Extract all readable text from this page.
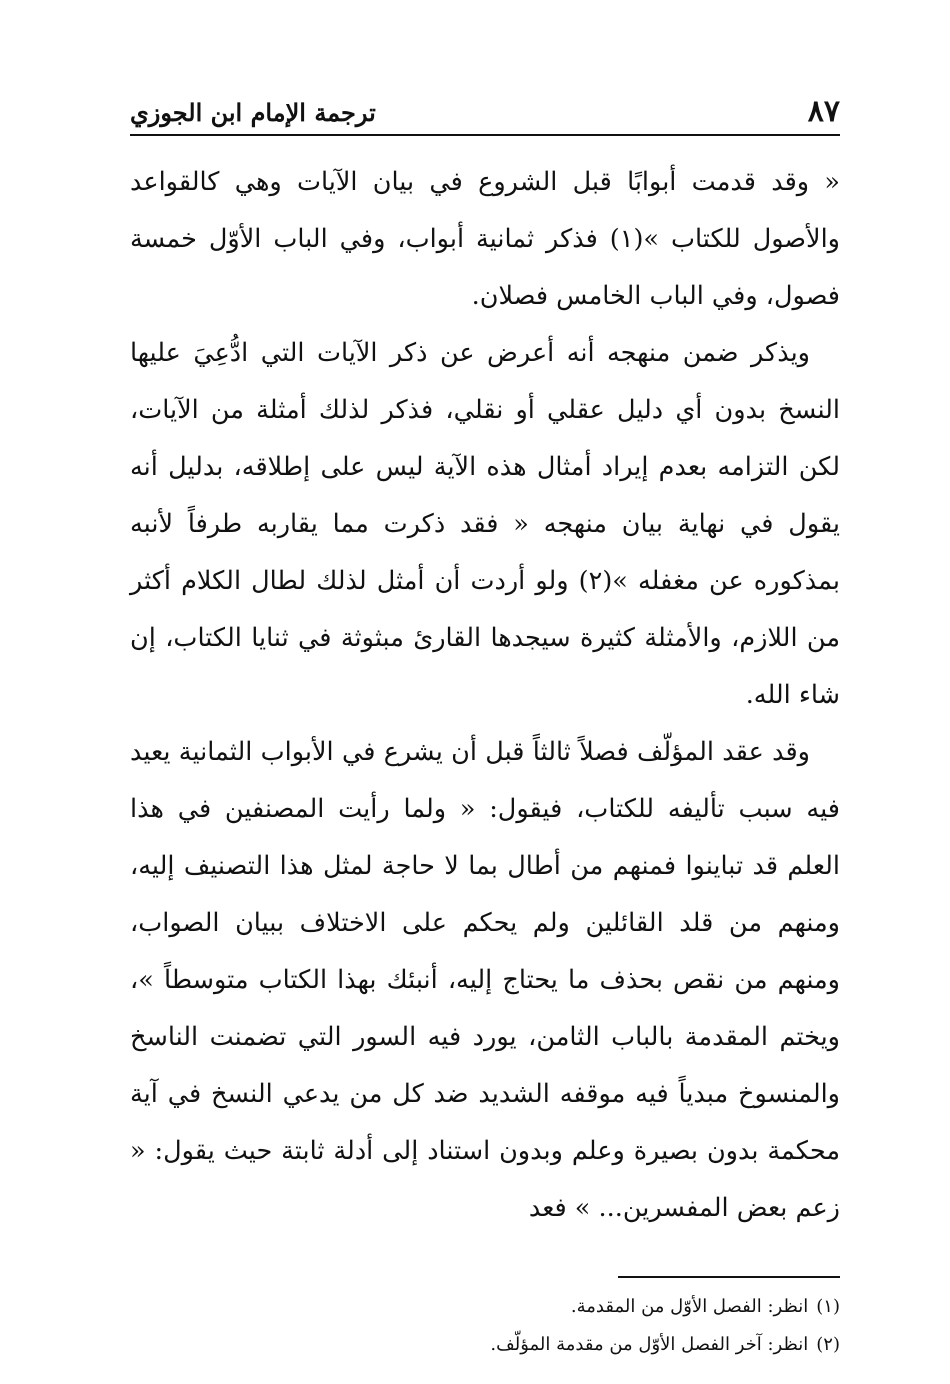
٨٧
ترجمة الإمام ابن الجوزي

« وقد قدمت أبوابًا قبل الشروع في بيان الآيات وهي كالقواعد والأصول للكتاب »(١) فذكر ثمانية أبواب، وفي الباب الأوّل خمسة فصول، وفي الباب الخامس فصلان.

ويذكر ضمن منهجه أنه أعرض عن ذكر الآيات التي ادُّعِيَ عليها النسخ بدون أي دليل عقلي أو نقلي، فذكر لذلك أمثلة من الآيات، لكن التزامه بعدم إيراد أمثال هذه الآية ليس على إطلاقه، بدليل أنه يقول في نهاية بيان منهجه « فقد ذكرت مما يقاربه طرفاً لأنبه بمذكوره عن مغفله »(٢) ولو أردت أن أمثل لذلك لطال الكلام أكثر من اللازم، والأمثلة كثيرة سيجدها القارئ مبثوثة في ثنايا الكتاب، إن شاء الله.

وقد عقد المؤلّف فصلاً ثالثاً قبل أن يشرع في الأبواب الثمانية يعيد فيه سبب تأليفه للكتاب، فيقول: « ولما رأيت المصنفين في هذا العلم قد تباينوا فمنهم من أطال بما لا حاجة لمثل هذا التصنيف إليه، ومنهم من قلد القائلين ولم يحكم على الاختلاف ببيان الصواب، ومنهم من نقص بحذف ما يحتاج إليه، أنبئك بهذا الكتاب متوسطاً »، ويختم المقدمة بالباب الثامن، يورد فيه السور التي تضمنت الناسخ والمنسوخ مبدياً فيه موقفه الشديد ضد كل من يدعي النسخ في آية محكمة بدون بصيرة وعلم وبدون استناد إلى أدلة ثابتة حيث يقول: « زعم بعض المفسرين... » فعد

(١)انظر: الفصل الأوّل من المقدمة.

(٢)انظر: آخر الفصل الأوّل من مقدمة المؤلّف.
